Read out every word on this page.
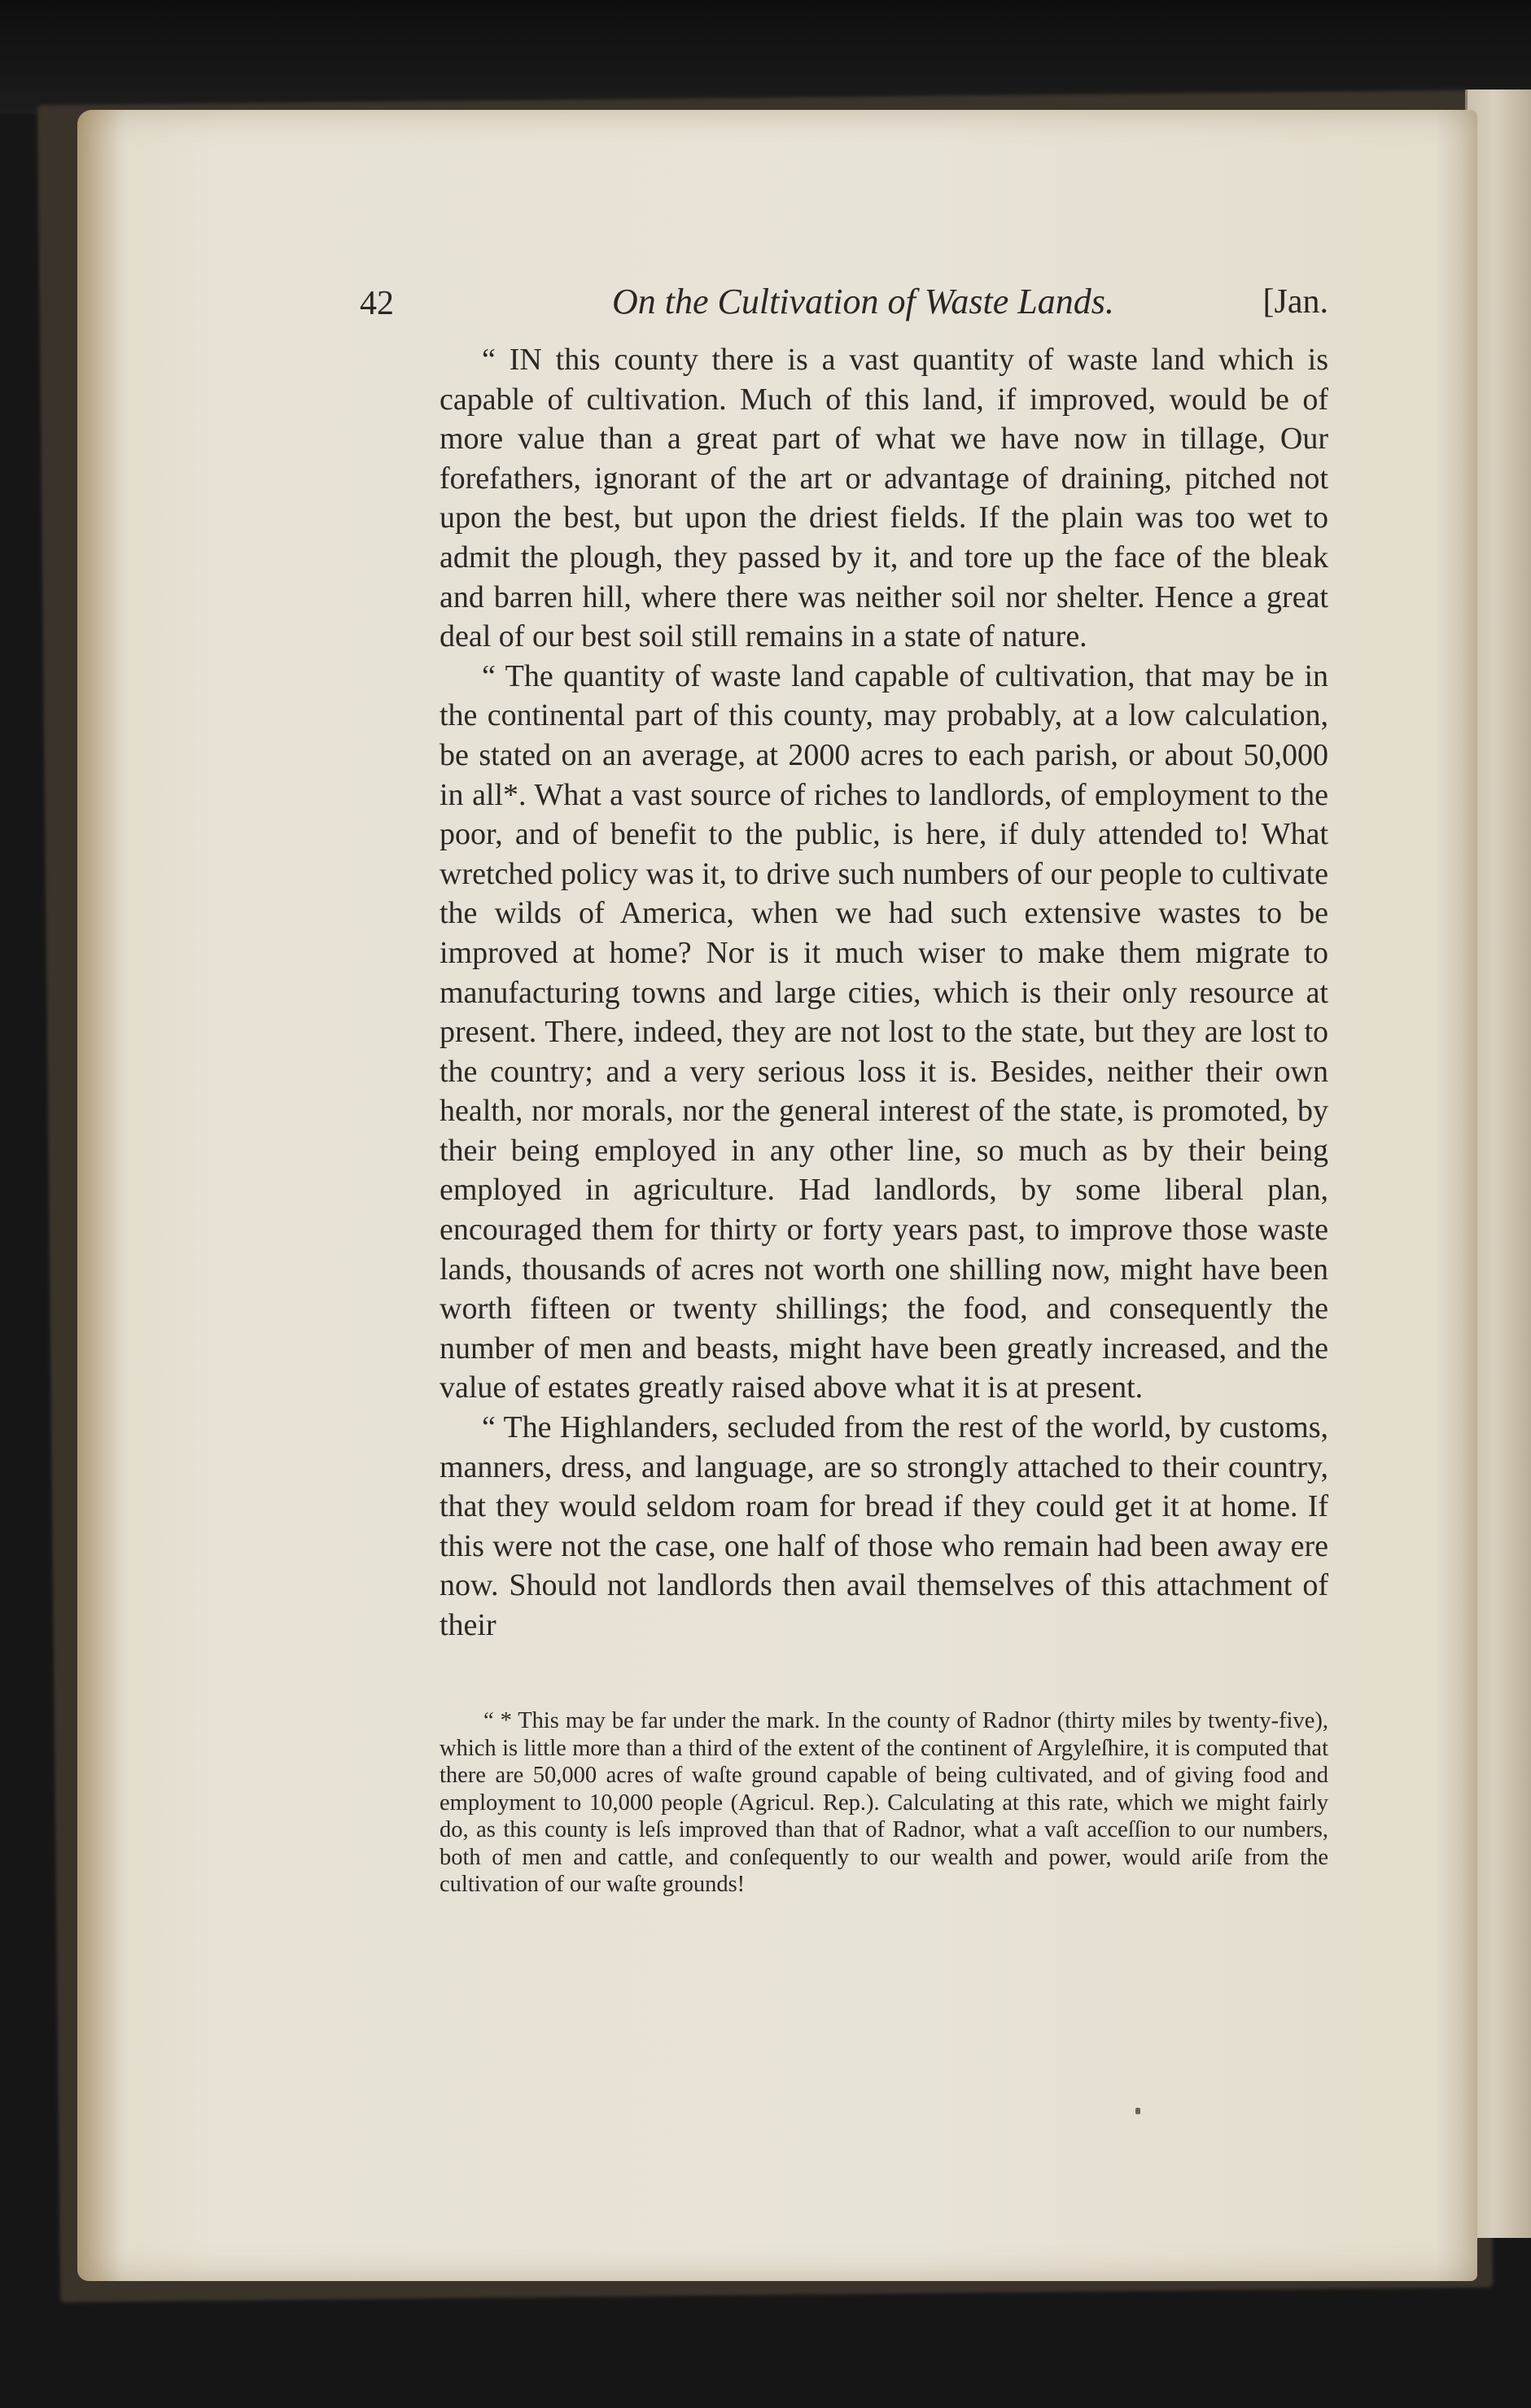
42	On the Cultivation of Waste Lands.	[Jan.

“ IN this county there is a vast quantity of waste land which is capable of cultivation. Much of this land, if improved, would be of more value than a great part of what we have now in tillage, Our forefathers, ignorant of the art or advantage of draining, pitched not upon the best, but upon the driest fields. If the plain was too wet to admit the plough, they passed by it, and tore up the face of the bleak and barren hill, where there was neither soil nor shelter. Hence a great deal of our best soil still remains in a state of nature.

“ The quantity of waste land capable of cultivation, that may be in the continental part of this county, may probably, at a low calculation, be stated on an average, at 2000 acres to each parish, or about 50,000 in all*. What a vast source of riches to landlords, of employment to the poor, and of benefit to the public, is here, if duly attended to! What wretched policy was it, to drive such numbers of our people to cultivate the wilds of America, when we had such extensive wastes to be improved at home? Nor is it much wiser to make them migrate to manufacturing towns and large cities, which is their only resource at present. There, indeed, they are not lost to the state, but they are lost to the country; and a very serious loss it is. Besides, neither their own health, nor morals, nor the general interest of the state, is promoted, by their being employed in any other line, so much as by their being employed in agriculture. Had landlords, by some liberal plan, encouraged them for thirty or forty years past, to improve those waste lands, thousands of acres not worth one shilling now, might have been worth fifteen or twenty shillings; the food, and consequently the number of men and beasts, might have been greatly increased, and the value of estates greatly raised above what it is at present.

“ The Highlanders, secluded from the rest of the world, by customs, manners, dress, and language, are so strongly attached to their country, that they would seldom roam for bread if they could get it at home. If this were not the case, one half of those who remain had been away ere now. Should not landlords then avail themselves of this attachment of their

“ * This may be far under the mark. In the county of Radnor (thirty miles by twenty-five), which is little more than a third of the extent of the continent of Argyleſhire, it is computed that there are 50,000 acres of waſte ground capable of being cultivated, and of giving food and employment to 10,000 people (Agricul. Rep.). Calculating at this rate, which we might fairly do, as this county is leſs improved than that of Radnor, what a vaſt acceſſion to our numbers, both of men and cattle, and conſequently to our wealth and power, would ariſe from the cultivation of our waſte grounds!
